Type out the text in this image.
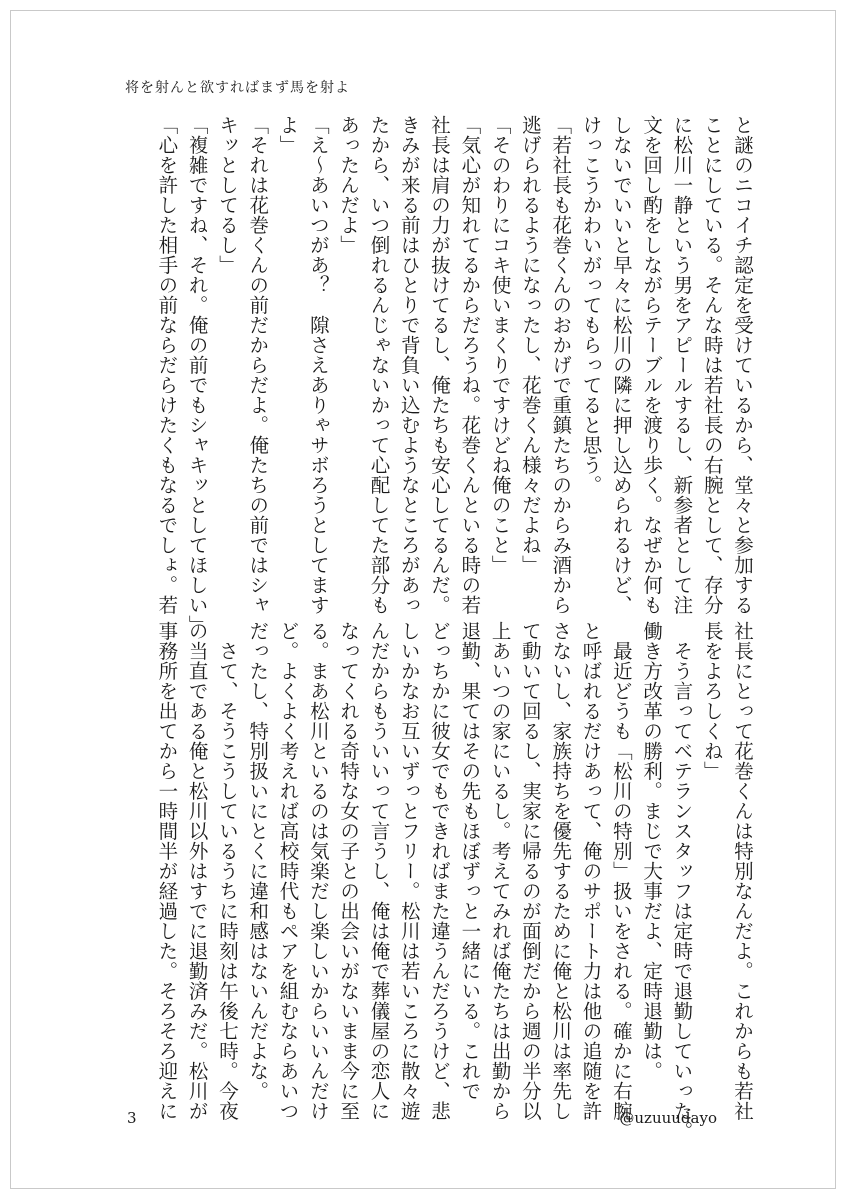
将を射んと欲すればまず馬を射よ

と謎のニコイチ認定を受けているから、堂々と参加する

ことにしている。そんな時は若社長の右腕として、存分

に松川一静という男をアピールするし、新参者として注

文を回し酌をしながらテーブルを渡り歩く。なぜか何も

しないでいいと早々に松川の隣に押し込められるけど、

けっこうかわいがってもらってると思う。

「若社長も花巻くんのおかげで重鎮たちのからみ酒から

逃げられるようになったし、花巻くん様々だよね」

「そのわりにコキ使いまくりですけどね俺のこと」

「気心が知れてるからだろうね。花巻くんといる時の若

社長は肩の力が抜けてるし、俺たちも安心してるんだ。

きみが来る前はひとりで背負い込むようなところがあっ

たから、いつ倒れるんじゃないかって心配してた部分も

あったんだよ」

「え～あいつがあ？　隙さえありゃサボろうとしてます

よ」

「それは花巻くんの前だからだよ。俺たちの前ではシャ

キッとしてるし」

「複雑ですね、それ。俺の前でもシャキッとしてほしい」

「心を許した相手の前ならだらけたくもなるでしょ。若

社長にとって花巻くんは特別なんだよ。これからも若社

長をよろしくね」

　そう言ってベテランスタッフは定時で退勤していった。

働き方改革の勝利。まじで大事だよ、定時退勤は。

　最近どうも「松川の特別」扱いをされる。確かに右腕

と呼ばれるだけあって、俺のサポート力は他の追随を許

さないし、家族持ちを優先するために俺と松川は率先し

て動いて回るし、実家に帰るのが面倒だから週の半分以

上あいつの家にいるし。考えてみれば俺たちは出勤から

退勤、果てはその先もほぼずっと一緒にいる。これで

どっちかに彼女でもできればまた違うんだろうけど、悲

しいかなお互いずっとフリー。松川は若いころに散々遊

んだからもういいって言うし、俺は俺で葬儀屋の恋人に

なってくれる奇特な女の子との出会いがないまま今に至

る。まあ松川といるのは気楽だし楽しいからいいんだけ

ど。よくよく考えれば高校時代もペアを組むならあいつ

だったし、特別扱いにとくに違和感はないんだよな。

　さて、そうこうしているうちに時刻は午後七時。今夜

の当直である俺と松川以外はすでに退勤済みだ。松川が

事務所を出てから一時間半が経過した。そろそろ迎えに

3	@uzuuudayo
